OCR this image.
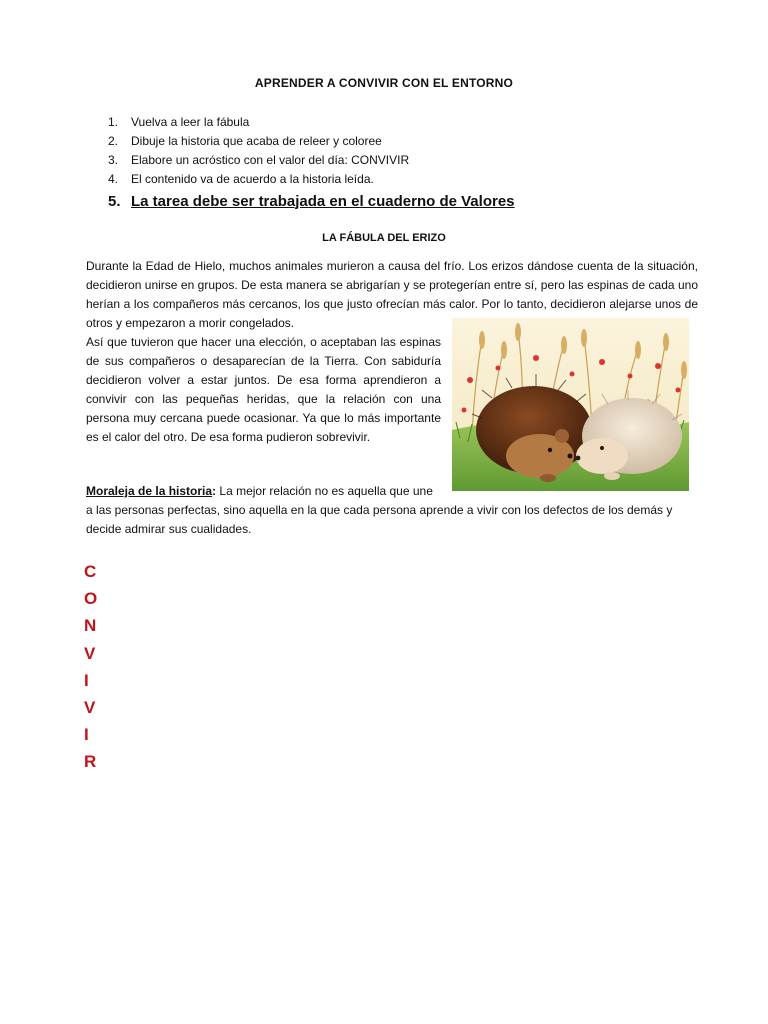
APRENDER A CONVIVIR CON EL ENTORNO
1.	Vuelva a leer la fábula
2.	Dibuje la historia que acaba de releer y coloree
3.	Elabore un acróstico con el valor del día: CONVIVIR
4.	El contenido va de acuerdo a la historia leída.
5. La tarea debe ser trabajada en el cuaderno de Valores
LA FÁBULA DEL ERIZO

Durante la Edad de Hielo, muchos animales murieron a causa del frío. Los erizos dándose cuenta de la situación, decidieron unirse en grupos. De esta manera se abrigarían y se protegerían entre sí, pero las espinas de cada uno herían a los compañeros más cercanos, los que justo ofrecían más calor. Por lo tanto, decidieron alejarse unos de otros y empezaron a morir congelados.

Así que tuvieron que hacer una elección, o aceptaban las espinas de sus compañeros o desaparecían de la Tierra. Con sabiduría decidieron volver a estar juntos. De esa forma aprendieron a convivir con las pequeñas heridas, que la relación con una persona muy cercana puede ocasionar. Ya que lo más importante es el calor del otro. De esa forma pudieron sobrevivir.

Moraleja de la historia: La mejor relación no es aquella que une
a las personas perfectas, sino aquella en la que cada persona aprende a vivir con los defectos de los demás y decide admirar sus cualidades.
C
O
N
V
I
V
I
R
